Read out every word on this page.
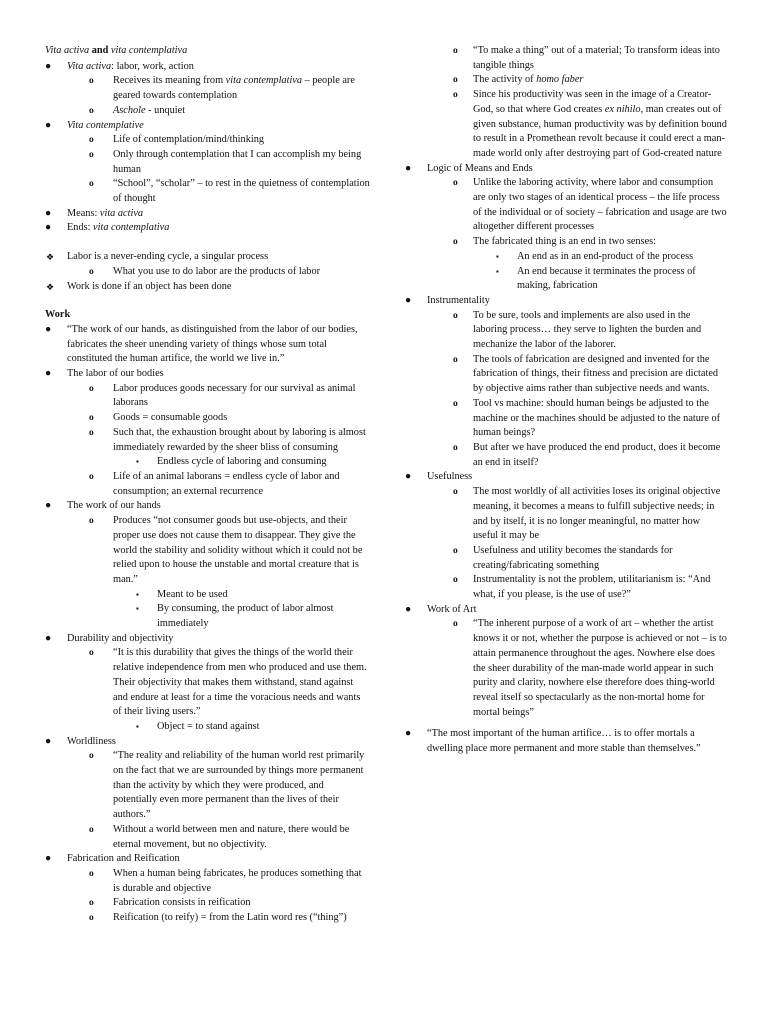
Vita activa and vita contemplativa
● Vita activa: labor, work, action
o Receives its meaning from vita contemplativa – people are geared towards contemplation
o Aschole - unquiet
● Vita contemplative
o Life of contemplation/mind/thinking
o Only through contemplation that I can accomplish my being human
o “School”, “scholar” – to rest in the quietness of contemplation of thought
● Means: vita activa
● Ends: vita contemplativa
❖ Labor is a never-ending cycle, a singular process
o What you use to do labor are the products of labor
❖ Work is done if an object has been done
Work
● “The work of our hands, as distinguished from the labor of our bodies, fabricates the sheer unending variety of things whose sum total constituted the human artifice, the world we live in.”
● The labor of our bodies
o Labor produces goods necessary for our survival as animal laborans
o Goods = consumable goods
o Such that, the exhaustion brought about by laboring is almost immediately rewarded by the sheer bliss of consuming
▪ Endless cycle of laboring and consuming
o Life of an animal laborans = endless cycle of labor and consumption; an external recurrence
● The work of our hands
o Produces “not consumer goods but use-objects, and their proper use does not cause them to disappear. They give the world the stability and solidity without which it could not be relied upon to house the unstable and mortal creature that is man.”
▪ Meant to be used
▪ By consuming, the product of labor almost immediately
● Durability and objectivity
o “It is this durability that gives the things of the world their relative independence from men who produced and use them. Their objectivity that makes them withstand, stand against and endure at least for a time the voracious needs and wants of their living users.”
▪ Object = to stand against
● Worldliness
o “The reality and reliability of the human world rest primarily on the fact that we are surrounded by things more permanent than the activity by which they were produced, and potentially even more permanent than the lives of their authors.”
o Without a world between men and nature, there would be eternal movement, but no objectivity.
● Fabrication and Reification
o When a human being fabricates, he produces something that is durable and objective
o Fabrication consists in reification
o Reification (to reify) = from the Latin word res (“thing”)
o “To make a thing” out of a material; To transform ideas into tangible things
o The activity of homo faber
o Since his productivity was seen in the image of a Creator-God, so that where God creates ex nihilo, man creates out of given substance, human productivity was by definition bound to result in a Promethean revolt because it could erect a man-made world only after destroying part of God-created nature
● Logic of Means and Ends
o Unlike the laboring activity, where labor and consumption are only two stages of an identical process – the life process of the individual or of society – fabrication and usage are two altogether different processes
o The fabricated thing is an end in two senses:
▪ An end as in an end-product of the process
▪ An end because it terminates the process of making, fabrication
● Instrumentality
o To be sure, tools and implements are also used in the laboring process… they serve to lighten the burden and mechanize the labor of the laborer.
o The tools of fabrication are designed and invented for the fabrication of things, their fitness and precision are dictated by objective aims rather than subjective needs and wants.
o Tool vs machine: should human beings be adjusted to the machine or the machines should be adjusted to the nature of human beings?
o But after we have produced the end product, does it become an end in itself?
● Usefulness
o The most worldly of all activities loses its original objective meaning, it becomes a means to fulfill subjective needs; in and by itself, it is no longer meaningful, no matter how useful it may be
o Usefulness and utility becomes the standards for creating/fabricating something
o Instrumentality is not the problem, utilitarianism is: “And what, if you please, is the use of use?”
● Work of Art
o “The inherent purpose of a work of art – whether the artist knows it or not, whether the purpose is achieved or not – is to attain permanence throughout the ages. Nowhere else does the sheer durability of the man-made world appear in such purity and clarity, nowhere else therefore does thing-world reveal itself so spectacularly as the non-mortal home for mortal beings”
● “The most important of the human artifice… is to offer mortals a dwelling place more permanent and more stable than themselves.”
